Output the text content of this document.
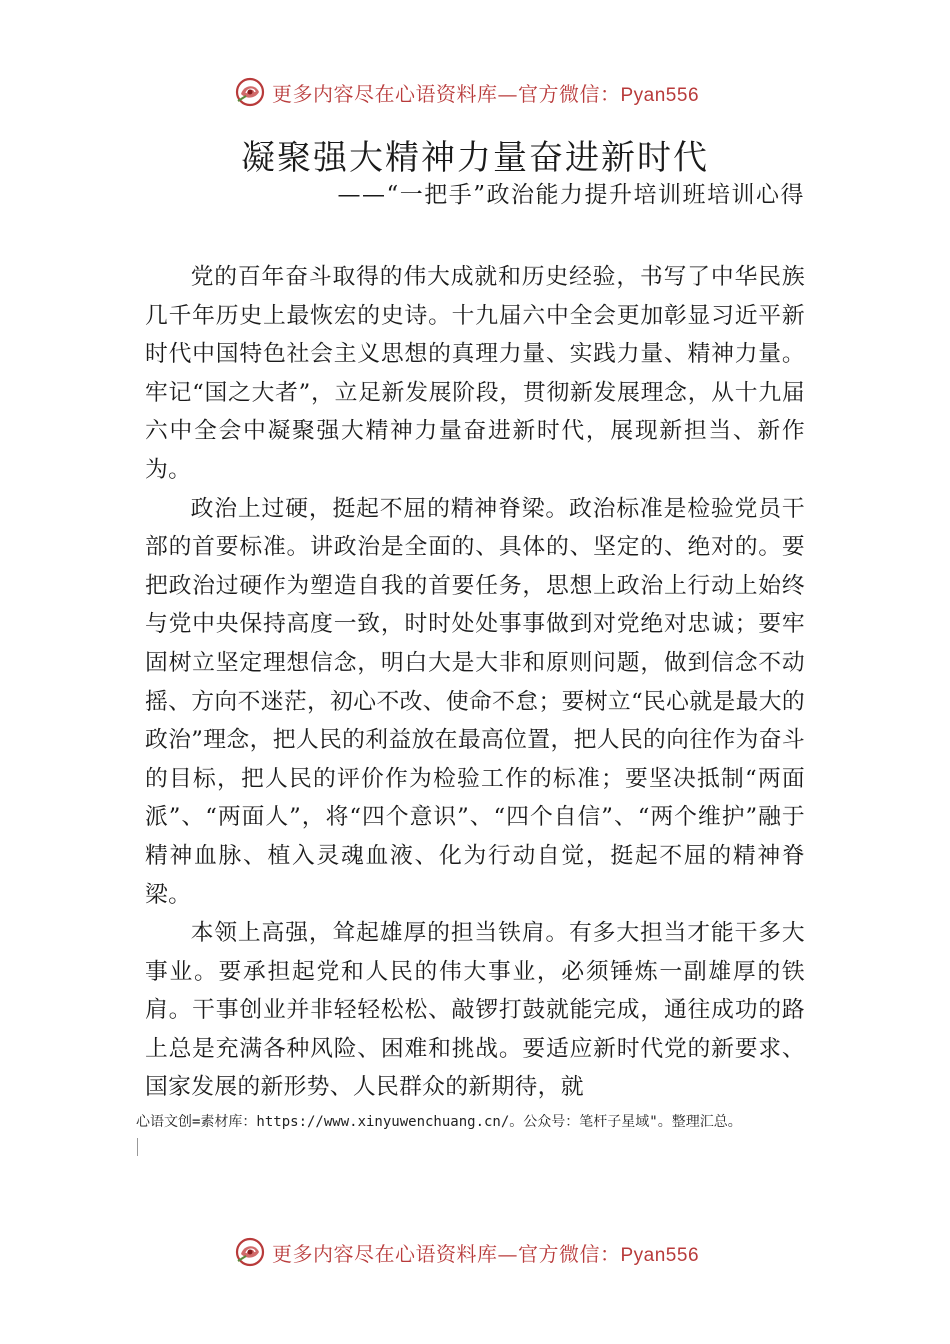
更多内容尽在心语资料库—官方微信：Pyan556
凝聚强大精神力量奋进新时代
——“一把手”政治能力提升培训班培训心得

党的百年奋斗取得的伟大成就和历史经验，书写了中华民族几千年历史上最恢宏的史诗。十九届六中全会更加彰显习近平新时代中国特色社会主义思想的真理力量、实践力量、精神力量。牢记“国之大者”，立足新发展阶段，贯彻新发展理念，从十九届六中全会中凝聚强大精神力量奋进新时代，展现新担当、新作为。

政治上过硬，挺起不屈的精神脊梁。政治标准是检验党员干部的首要标准。讲政治是全面的、具体的、坚定的、绝对的。要把政治过硬作为塑造自我的首要任务，思想上政治上行动上始终与党中央保持高度一致，时时处处事事做到对党绝对忠诚；要牢固树立坚定理想信念，明白大是大非和原则问题，做到信念不动摇、方向不迷茫，初心不改、使命不怠；要树立“民心就是最大的政治”理念，把人民的利益放在最高位置，把人民的向往作为奋斗的目标，把人民的评价作为检验工作的标准；要坚决抵制“两面派”、“两面人”，将“四个意识”、“四个自信”、“两个维护”融于精神血脉、植入灵魂血液、化为行动自觉，挺起不屈的精神脊梁。

本领上高强，耸起雄厚的担当铁肩。有多大担当才能干多大事业。要承担起党和人民的伟大事业，必须锤炼一副雄厚的铁肩。干事创业并非轻轻松松、敲锣打鼓就能完成，通往成功的路上总是充满各种风险、困难和挑战。要适应新时代党的新要求、国家发展的新形势、人民群众的新期待，就

心语文创=素材库：https://www.xinyuwenchuang.cn/。公众号：笔杆子星域"。整理汇总。
更多内容尽在心语资料库—官方微信：Pyan556
